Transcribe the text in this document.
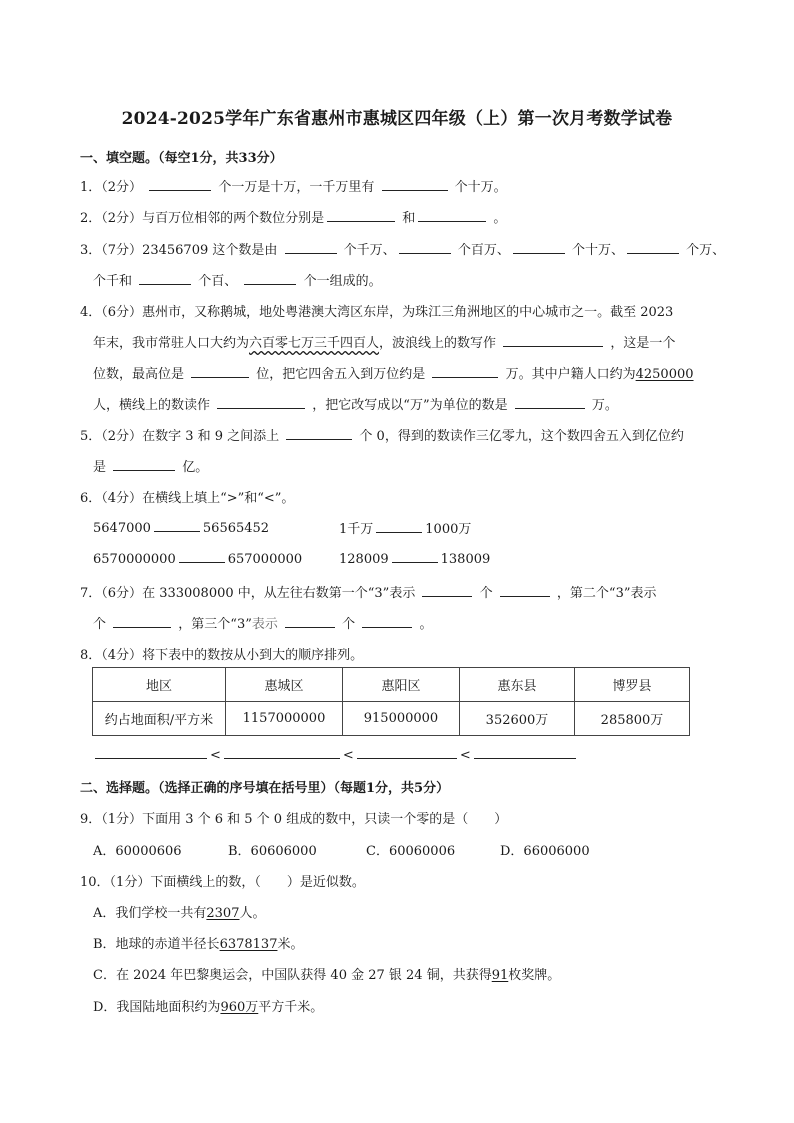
2024-2025学年广东省惠州市惠城区四年级（上）第一次月考数学试卷
一、填空题。（每空1分，共33分）
1．（2分）	个一万是十万，一千万里有	个十万。
2．（2分）与百万位相邻的两个数位分别是	和	。
3．（7分）23456709 这个数是由	个千万、	个百万、	个十万、	个万、
个千和	个百、	个一组成的。
4．（6分）惠州市，又称鹅城，地处粤港澳大湾区东岸，为珠江三角洲地区的中心城市之一。截至 2023
年末，我市常驻人口大约为六百零七万三千四百人，波浪线上的数写作	，这是一个
位数，最高位是	位，把它四舍五入到万位约是	万。其中户籍人口约为4250000
人，横线上的数读作	，把它改写成以“万”为单位的数是	万。
5．（2分）在数字 3 和 9 之间添上	个 0，得到的数读作三亿零九，这个数四舍五入到亿位约
是	亿。
6．（4分）在横线上填上“>”和“<”。
5647000	56565452	1千万	1000万
6570000000	657000000	128009	138009
7．（6分）在 333008000 中，从左往右数第一个“3”表示	个	，第二个“3”表示
个	，第三个“3”表示	个	。
8．（4分）将下表中的数按从小到大的顺序排列。
地区	惠城区	惠阳区	惠东县	博罗县
约占地面积/平方米	1157000000	915000000	352600万	285800万
<	<	<
二、选择题。（选择正确的序号填在括号里）（每题1分，共5分）
9．（1分）下面用 3 个 6 和 5 个 0 组成的数中，只读一个零的是（　　）
A．60000606	B．60606000	C．60060006	D．66006000
10．（1分）下面横线上的数，（　　）是近似数。
A．我们学校一共有2307人。
B．地球的赤道半径长6378137米。
C．在 2024 年巴黎奥运会，中国队获得 40 金 27 银 24 铜，共获得91枚奖牌。
D．我国陆地面积约为960万平方千米。
